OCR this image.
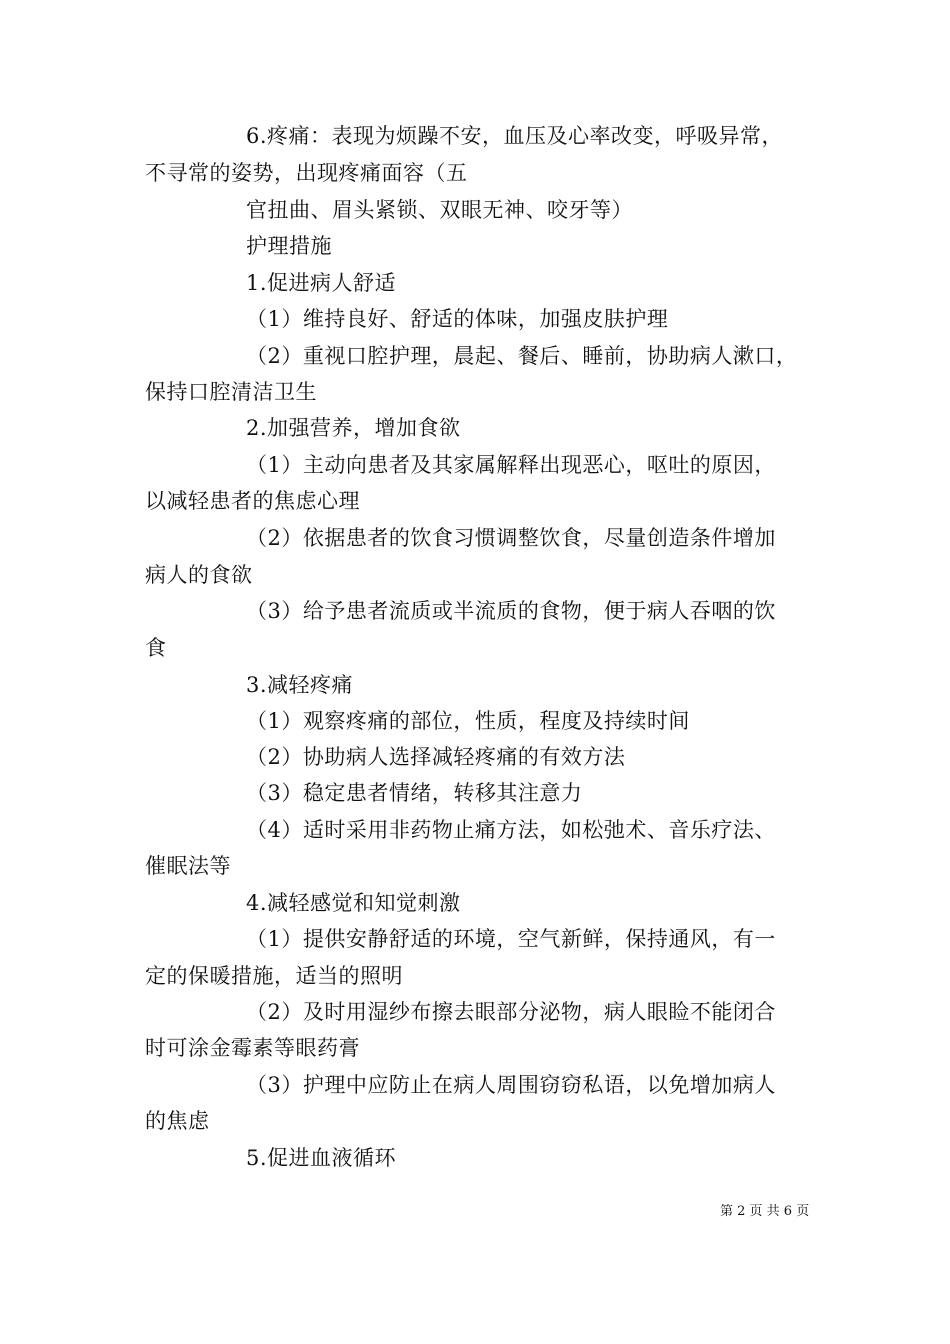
6.疼痛：表现为烦躁不安，血压及心率改变，呼吸异常，
不寻常的姿势，出现疼痛面容（五
官扭曲、眉头紧锁、双眼无神、咬牙等）
护理措施
1.促进病人舒适
（1）维持良好、舒适的体味，加强皮肤护理
（2）重视口腔护理，晨起、餐后、睡前，协助病人漱口，
保持口腔清洁卫生
2.加强营养，增加食欲
（1）主动向患者及其家属解释出现恶心，呕吐的原因，
以减轻患者的焦虑心理
（2）依据患者的饮食习惯调整饮食，尽量创造条件增加
病人的食欲
（3）给予患者流质或半流质的食物，便于病人吞咽的饮
食
3.减轻疼痛
（1）观察疼痛的部位，性质，程度及持续时间
（2）协助病人选择减轻疼痛的有效方法
（3）稳定患者情绪，转移其注意力
（4）适时采用非药物止痛方法，如松弛术、音乐疗法、
催眠法等
4.减轻感觉和知觉刺激
（1）提供安静舒适的环境，空气新鲜，保持通风，有一
定的保暖措施，适当的照明
（2）及时用湿纱布擦去眼部分泌物，病人眼睑不能闭合
时可涂金霉素等眼药膏
（3）护理中应防止在病人周围窃窃私语，以免增加病人
的焦虑
5.促进血液循环
第 2 页 共 6 页
